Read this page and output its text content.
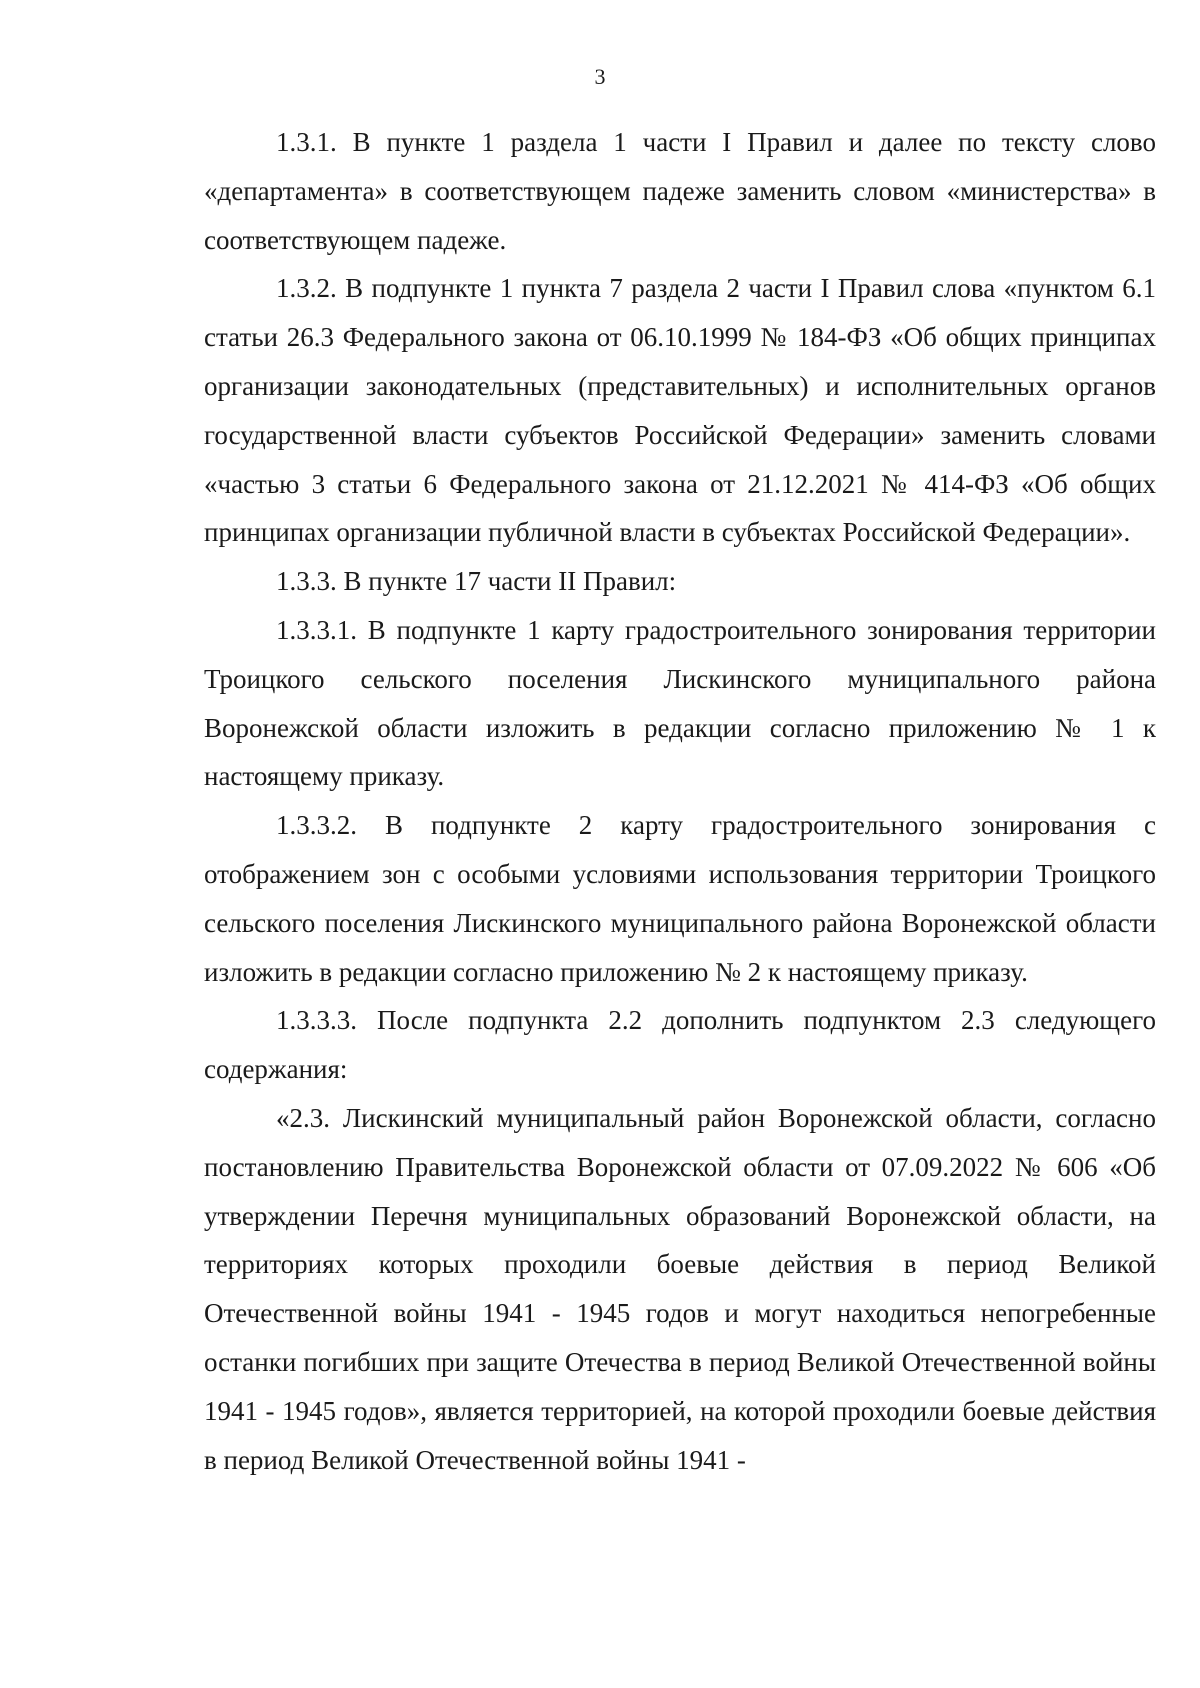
3

1.3.1. В пункте 1 раздела 1 части I Правил и далее по тексту слово «департамента» в соответствующем падеже заменить словом «министерства» в соответствующем падеже.

1.3.2. В подпункте 1 пункта 7 раздела 2 части I Правил слова «пунктом 6.1 статьи 26.3 Федерального закона от 06.10.1999 № 184-ФЗ «Об общих принципах организации законодательных (представительных) и исполнительных органов государственной власти субъектов Российской Федерации» заменить словами «частью 3 статьи 6 Федерального закона от 21.12.2021 № 414-ФЗ «Об общих принципах организации публичной власти в субъектах Российской Федерации».

1.3.3. В пункте 17 части II Правил:

1.3.3.1. В подпункте 1 карту градостроительного зонирования территории Троицкого сельского поселения Лискинского муниципального района Воронежской области изложить в редакции согласно приложению № 1 к настоящему приказу.

1.3.3.2. В подпункте 2 карту градостроительного зонирования с отображением зон с особыми условиями использования территории Троицкого сельского поселения Лискинского муниципального района Воронежской области изложить в редакции согласно приложению № 2 к настоящему приказу.

1.3.3.3. После подпункта 2.2 дополнить подпунктом 2.3 следующего содержания:

«2.3. Лискинский муниципальный район Воронежской области, согласно постановлению Правительства Воронежской области от 07.09.2022 № 606 «Об утверждении Перечня муниципальных образований Воронежской области, на территориях которых проходили боевые действия в период Великой Отечественной войны 1941 - 1945 годов и могут находиться непогребенные останки погибших при защите Отечества в период Великой Отечественной войны 1941 - 1945 годов», является территорией, на которой проходили боевые действия в период Великой Отечественной войны 1941 -
